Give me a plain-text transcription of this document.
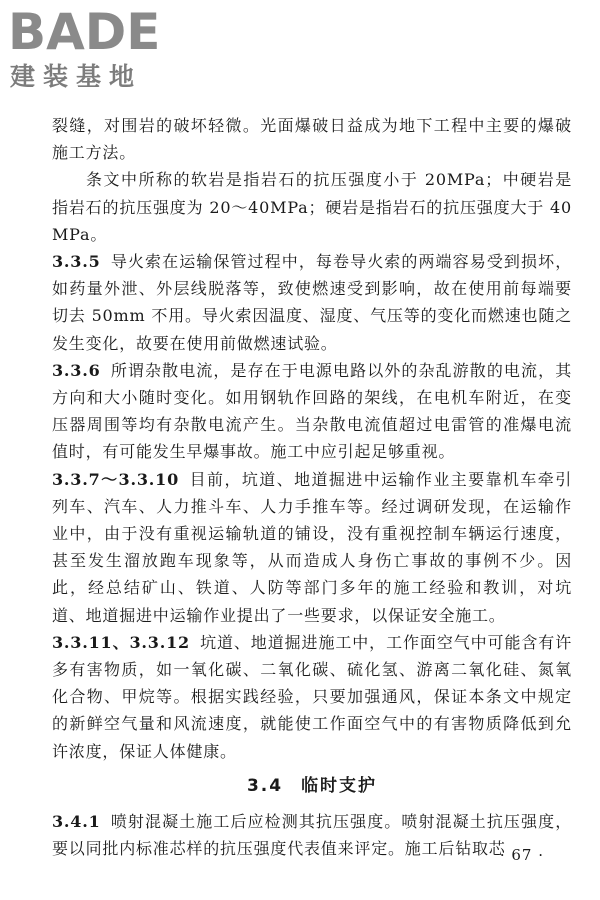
BADE
建装基地

裂缝，对围岩的破坏轻微。光面爆破日益成为地下工程中主要的爆破施工方法。

条文中所称的软岩是指岩石的抗压强度小于 20MPa；中硬岩是指岩石的抗压强度为 20～40MPa；硬岩是指岩石的抗压强度大于 40 MPa。

3.3.5 导火索在运输保管过程中，每卷导火索的两端容易受到损坏，如药量外泄、外层线脱落等，致使燃速受到影响，故在使用前每端要切去 50mm 不用。导火索因温度、湿度、气压等的变化而燃速也随之发生变化，故要在使用前做燃速试验。

3.3.6 所谓杂散电流，是存在于电源电路以外的杂乱游散的电流，其方向和大小随时变化。如用钢轨作回路的架线，在电机车附近，在变压器周围等均有杂散电流产生。当杂散电流值超过电雷管的准爆电流值时，有可能发生早爆事故。施工中应引起足够重视。

3.3.7～3.3.10 目前，坑道、地道掘进中运输作业主要靠机车牵引列车、汽车、人力推斗车、人力手推车等。经过调研发现，在运输作业中，由于没有重视运输轨道的铺设，没有重视控制车辆运行速度，甚至发生溜放跑车现象等，从而造成人身伤亡事故的事例不少。因此，经总结矿山、铁道、人防等部门多年的施工经验和教训，对坑道、地道掘进中运输作业提出了一些要求，以保证安全施工。

3.3.11、3.3.12 坑道、地道掘进施工中，工作面空气中可能含有许多有害物质，如一氧化碳、二氧化碳、硫化氢、游离二氧化硅、氮氧化合物、甲烷等。根据实践经验，只要加强通风，保证本条文中规定的新鲜空气量和风流速度，就能使工作面空气中的有害物质降低到允许浓度，保证人体健康。

3.4 临时支护

3.4.1 喷射混凝土施工后应检测其抗压强度。喷射混凝土抗压强度，要以同批内标准芯样的抗压强度代表值来评定。施工后钻取芯

· 67 ·
